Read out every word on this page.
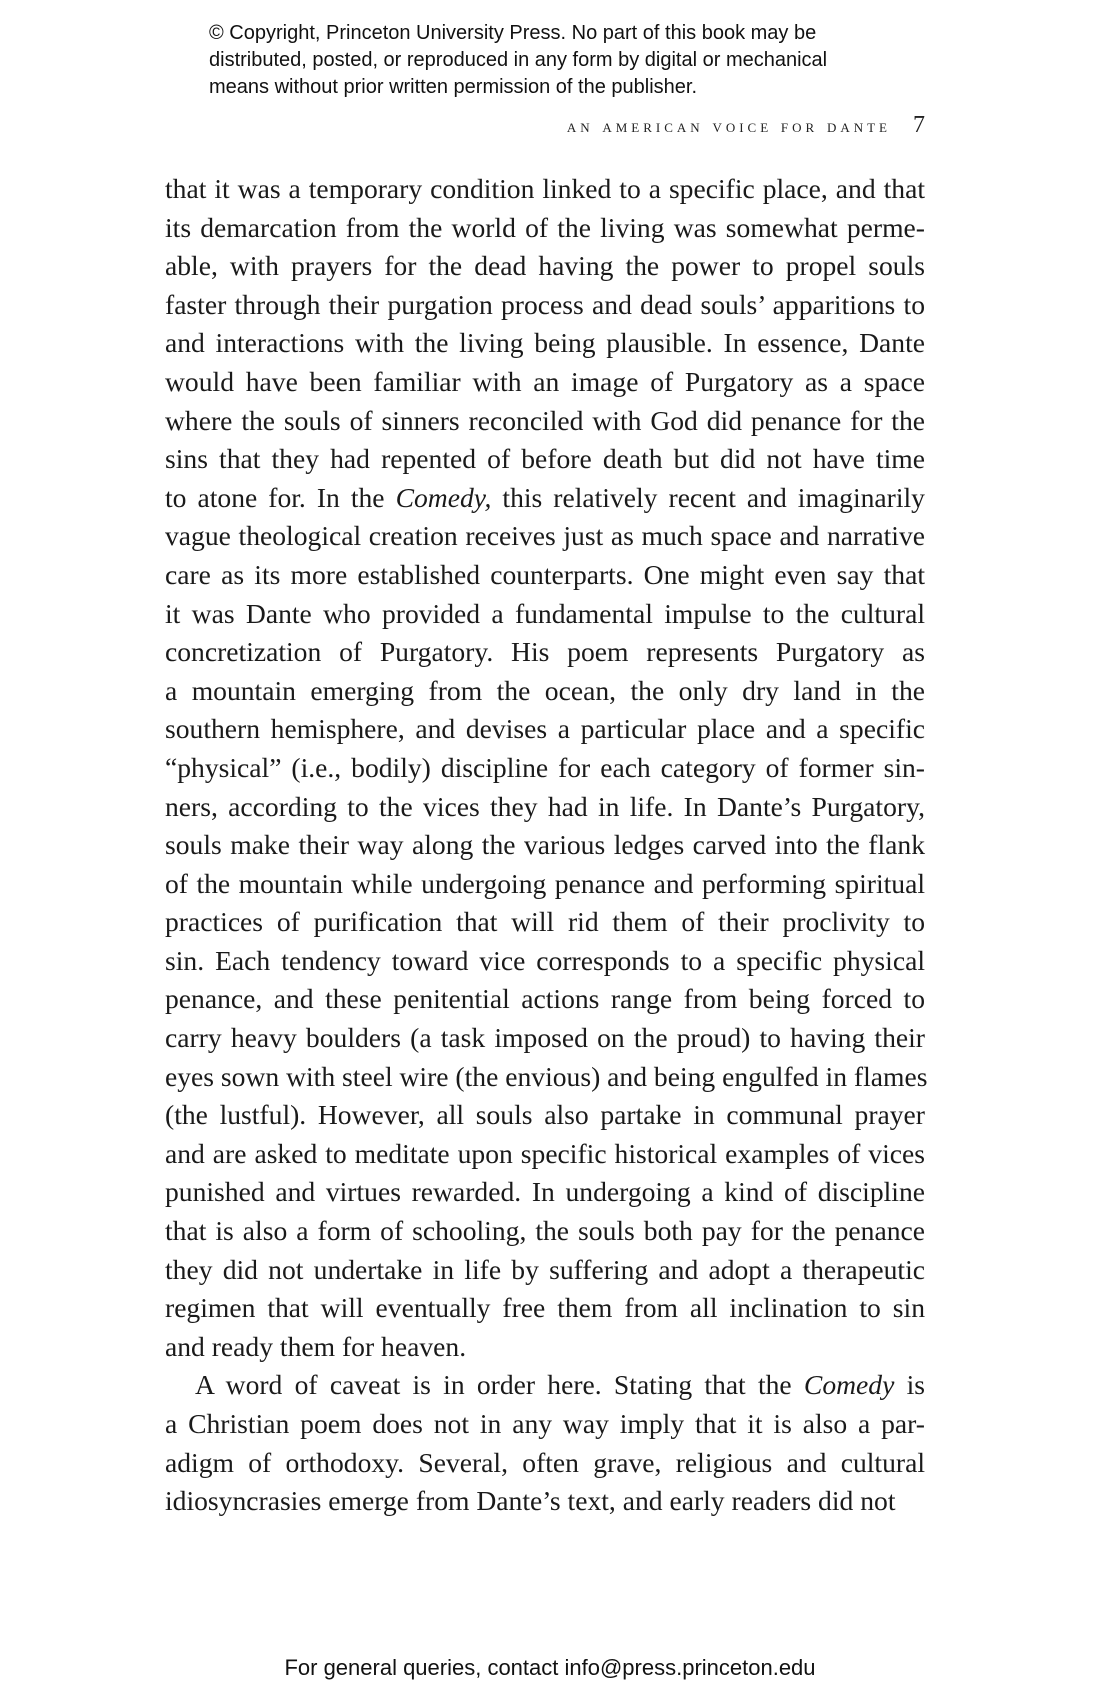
© Copyright, Princeton University Press. No part of this book may be
distributed, posted, or reproduced in any form by digital or mechanical
means without prior written permission of the publisher.
an american voice for dante 7
that it was a temporary condition linked to a specific place, and that
its demarcation from the world of the living was somewhat perme-
able, with prayers for the dead having the power to propel souls
faster through their purgation process and dead souls’ apparitions to
and interactions with the living being plausible. In essence, Dante
would have been familiar with an image of Purgatory as a space
where the souls of sinners reconciled with God did penance for the
sins that they had repented of before death but did not have time
to atone for. In the Comedy, this relatively recent and imaginarily
vague theological creation receives just as much space and narrative
care as its more established counterparts. One might even say that
it was Dante who provided a fundamental impulse to the cultural
concretization of Purgatory. His poem represents Purgatory as
a mountain emerging from the ocean, the only dry land in the
southern hemisphere, and devises a particular place and a specific
“physical” (i.e., bodily) discipline for each category of former sin-
ners, according to the vices they had in life. In Dante’s Purgatory,
souls make their way along the various ledges carved into the flank
of the mountain while undergoing penance and performing spiritual
practices of purification that will rid them of their proclivity to
sin. Each tendency toward vice corresponds to a specific physical
penance, and these penitential actions range from being forced to
carry heavy boulders (a task imposed on the proud) to having their
eyes sown with steel wire (the envious) and being engulfed in flames
(the lustful). However, all souls also partake in communal prayer
and are asked to meditate upon specific historical examples of vices
punished and virtues rewarded. In undergoing a kind of discipline
that is also a form of schooling, the souls both pay for the penance
they did not undertake in life by suffering and adopt a therapeutic
regimen that will eventually free them from all inclination to sin
and ready them for heaven.
A word of caveat is in order here. Stating that the Comedy is
a Christian poem does not in any way imply that it is also a par-
adigm of orthodoxy. Several, often grave, religious and cultural
idiosyncrasies emerge from Dante’s text, and early readers did not
For general queries, contact info@press.princeton.edu
